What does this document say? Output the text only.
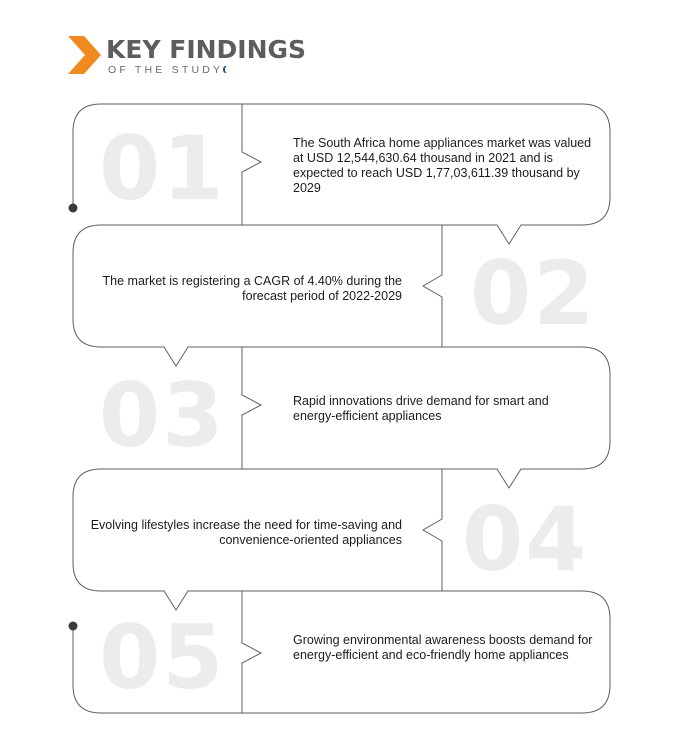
KEY FINDINGS
OF THE STUDY
01
02
03
04
05
The South Africa home appliances market was valued at USD 12,544,630.64 thousand in 2021 and is expected to reach USD 1,77,03,611.39 thousand by 2029
The market is registering a CAGR of 4.40% during the forecast period of 2022-2029
Rapid innovations drive demand for smart and energy-efficient appliances
Evolving lifestyles increase the need for time-saving and convenience-oriented appliances
Growing environmental awareness boosts demand for energy-efficient and eco-friendly home appliances
